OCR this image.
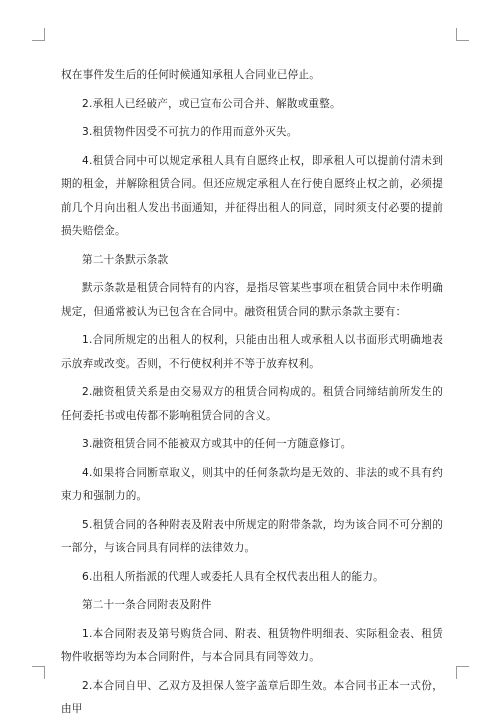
权在事件发生后的任何时候通知承租人合同业已停止。

2.承租人已经破产，或已宣布公司合并、解散或重整。

3.租赁物件因受不可抗力的作用而意外灭失。

4.租赁合同中可以规定承租人具有自愿终止权，即承租人可以提前付清未到期的租金，并解除租赁合同。但还应规定承租人在行使自愿终止权之前，必须提前几个月向出租人发出书面通知，并征得出租人的同意，同时须支付必要的提前损失赔偿金。

第二十条默示条款

默示条款是租赁合同特有的内容，是指尽管某些事项在租赁合同中未作明确规定，但通常被认为已包含在合同中。融资租赁合同的默示条款主要有：

1.合同所规定的出租人的权利，只能由出租人或承租人以书面形式明确地表示放弃或改变。否则，不行使权利并不等于放弃权利。

2.融资租赁关系是由交易双方的租赁合同构成的。租赁合同缔结前所发生的任何委托书或电传都不影响租赁合同的含义。

3.融资租赁合同不能被双方或其中的任何一方随意修订。

4.如果将合同断章取义，则其中的任何条款均是无效的、非法的或不具有约束力和强制力的。

5.租赁合同的各种附表及附表中所规定的附带条款，均为该合同不可分割的一部分，与该合同具有同样的法律效力。

6.出租人所指派的代理人或委托人具有全权代表出租人的能力。

第二十一条合同附表及附件

1.本合同附表及第号购货合同、附表、租赁物件明细表、实际租金表、租赁物件收据等均为本合同附件，与本合同具有同等效力。

2.本合同自甲、乙双方及担保人签字盖章后即生效。本合同书正本一式份，由甲
